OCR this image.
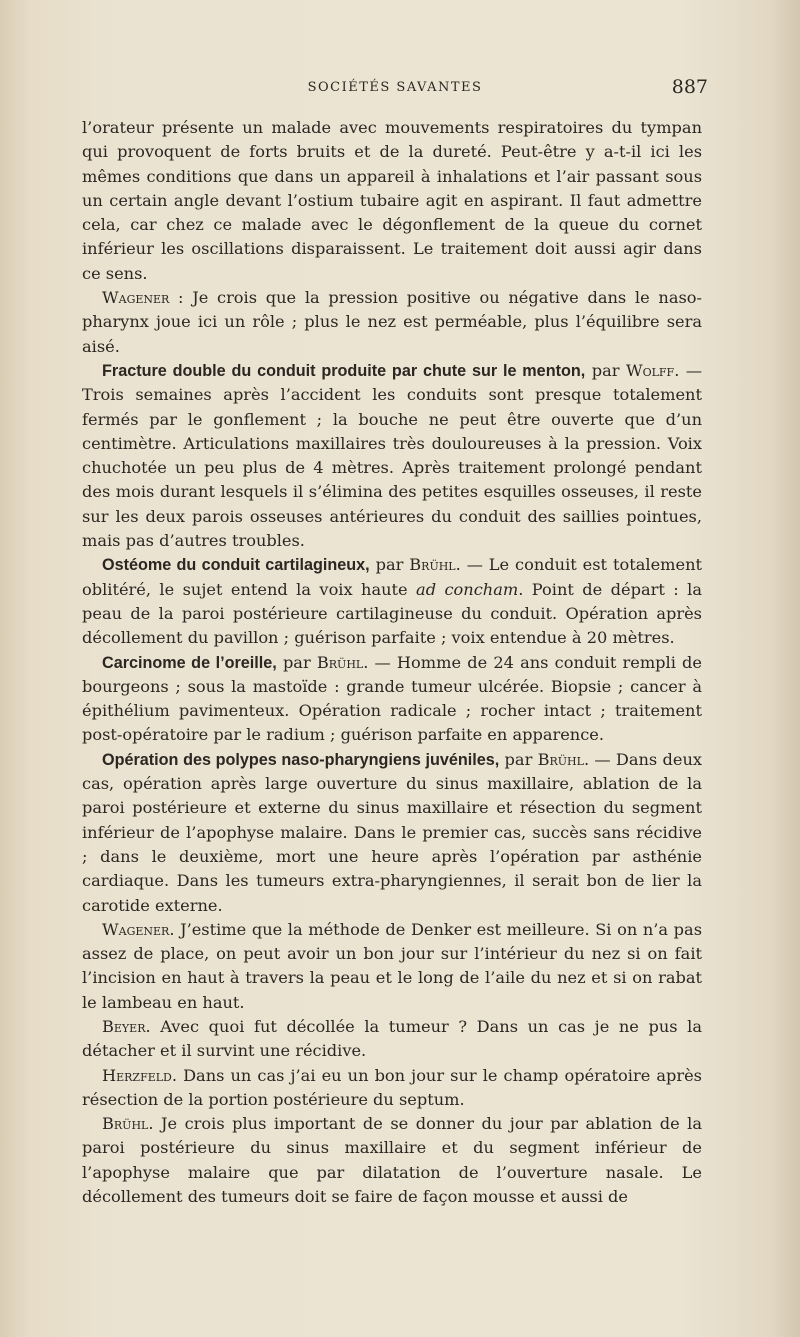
SOCIÉTÉS SAVANTES	887

l’orateur présente un malade avec mouvements respiratoires du tympan qui provoquent de forts bruits et de la dureté. Peut-être y a-t-il ici les mêmes conditions que dans un appareil à inhalations et l’air passant sous un certain angle devant l’ostium tubaire agit en aspirant. Il faut admettre cela, car chez ce malade avec le dégonflement de la queue du cornet inférieur les oscillations disparaissent. Le traitement doit aussi agir dans ce sens.

Wagener : Je crois que la pression positive ou négative dans le naso-pharynx joue ici un rôle ; plus le nez est perméable, plus l’équilibre sera aisé.

Fracture double du conduit produite par chute sur le menton, par Wolff. — Trois semaines après l’accident les conduits sont presque totalement fermés par le gonflement ; la bouche ne peut être ouverte que d’un centimètre. Articulations maxillaires très douloureuses à la pression. Voix chuchotée un peu plus de 4 mètres. Après traitement prolongé pendant des mois durant lesquels il s’élimina des petites esquilles osseuses, il reste sur les deux parois osseuses antérieures du conduit des saillies pointues, mais pas d’autres troubles.

Ostéome du conduit cartilagineux, par Brühl. — Le conduit est totalement oblitéré, le sujet entend la voix haute ad concham. Point de départ : la peau de la paroi postérieure cartilagineuse du conduit. Opération après décollement du pavillon ; guérison parfaite ; voix entendue à 20 mètres.

Carcinome de l’oreille, par Brühl. — Homme de 24 ans conduit rempli de bourgeons ; sous la mastoïde : grande tumeur ulcérée. Biopsie ; cancer à épithélium pavimenteux. Opération radicale ; rocher intact ; traitement post-opératoire par le radium ; guérison parfaite en apparence.

Opération des polypes naso-pharyngiens juvéniles, par Brühl. — Dans deux cas, opération après large ouverture du sinus maxillaire, ablation de la paroi postérieure et externe du sinus maxillaire et résection du segment inférieur de l’apophyse malaire. Dans le premier cas, succès sans récidive ; dans le deuxième, mort une heure après l’opération par asthénie cardiaque. Dans les tumeurs extra-pharyngiennes, il serait bon de lier la carotide externe.

Wagener. J’estime que la méthode de Denker est meilleure. Si on n’a pas assez de place, on peut avoir un bon jour sur l’intérieur du nez si on fait l’incision en haut à travers la peau et le long de l’aile du nez et si on rabat le lambeau en haut.

Beyer. Avec quoi fut décollée la tumeur ? Dans un cas je ne pus la détacher et il survint une récidive.

Herzfeld. Dans un cas j’ai eu un bon jour sur le champ opératoire après résection de la portion postérieure du septum.

Brühl. Je crois plus important de se donner du jour par ablation de la paroi postérieure du sinus maxillaire et du segment inférieur de l’apophyse malaire que par dilatation de l’ouverture nasale. Le décollement des tumeurs doit se faire de façon mousse et aussi de
